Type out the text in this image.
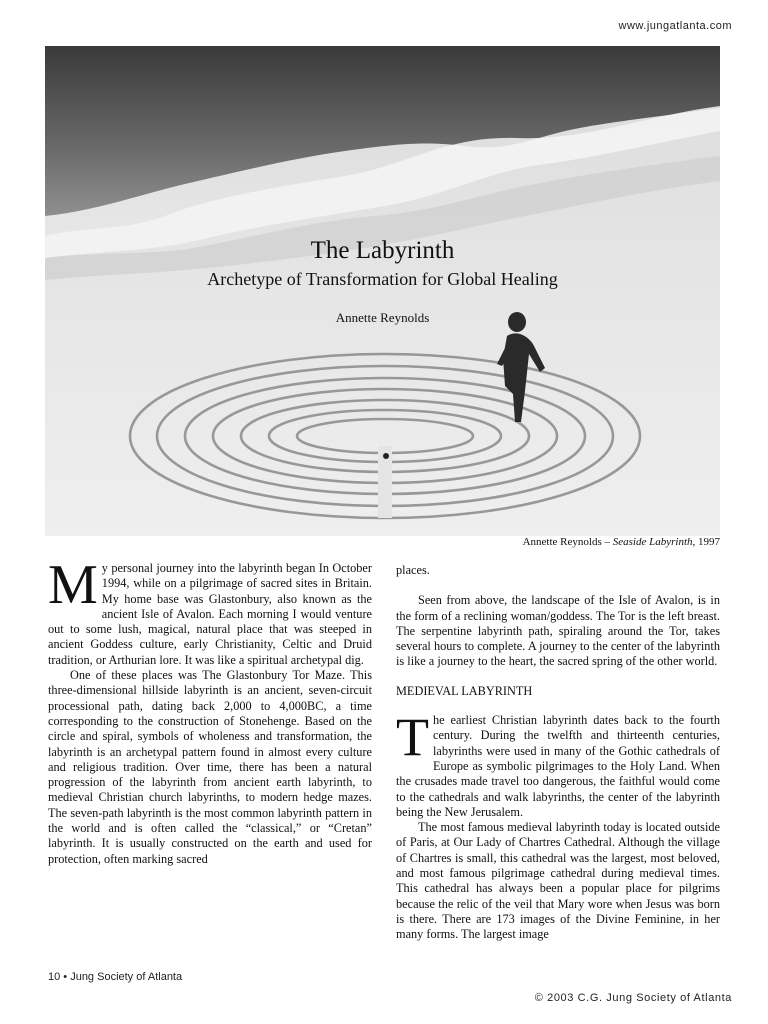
www.jungatlanta.com
The Labyrinth
Archetype of Transformation for Global Healing
Annette Reynolds
Annette Reynolds – Seaside Labyrinth, 1997

My personal journey into the labyrinth began In October 1994, while on a pilgrimage of sacred sites in Britain. My home base was Glastonbury, also known as the ancient Isle of Avalon. Each morning I would venture out to some lush, magical, natural place that was steeped in ancient Goddess culture, early Christianity, Celtic and Druid tradition, or Arthurian lore. It was like a spiritual archetypal dig.

One of these places was The Glastonbury Tor Maze. This three-dimensional hillside labyrinth is an ancient, seven-circuit processional path, dating back 2,000 to 4,000BC, a time corresponding to the construction of Stonehenge. Based on the circle and spiral, symbols of wholeness and transformation, the labyrinth is an archetypal pattern found in almost every culture and religious tradition. Over time, there has been a natural progression of the labyrinth from ancient earth labyrinth, to medieval Christian church labyrinths, to modern hedge mazes. The seven-path labyrinth is the most common labyrinth pattern in the world and is often called the “classical,” or “Cretan” labyrinth. It is usually constructed on the earth and used for protection, often marking sacred

places.

Seen from above, the landscape of the Isle of Avalon, is in the form of a reclining woman/goddess. The Tor is the left breast. The serpentine labyrinth path, spiraling around the Tor, takes several hours to complete. A journey to the center of the labyrinth is like a journey to the heart, the sacred spring of the other world.

MEDIEVAL LABYRINTH

The earliest Christian labyrinth dates back to the fourth century. During the twelfth and thirteenth centuries, labyrinths were used in many of the Gothic cathedrals of Europe as symbolic pilgrimages to the Holy Land. When the crusades made travel too dangerous, the faithful would come to the cathedrals and walk labyrinths, the center of the labyrinth being the New Jerusalem.

The most famous medieval labyrinth today is located outside of Paris, at Our Lady of Chartres Cathedral. Although the village of Chartres is small, this cathedral was the largest, most beloved, and most famous pilgrimage cathedral during medieval times. This cathedral has always been a popular place for pilgrims because the relic of the veil that Mary wore when Jesus was born is there. There are 173 images of the Divine Feminine, in her many forms. The largest image

10 • Jung Society of Atlanta
© 2003 C.G. Jung Society of Atlanta
